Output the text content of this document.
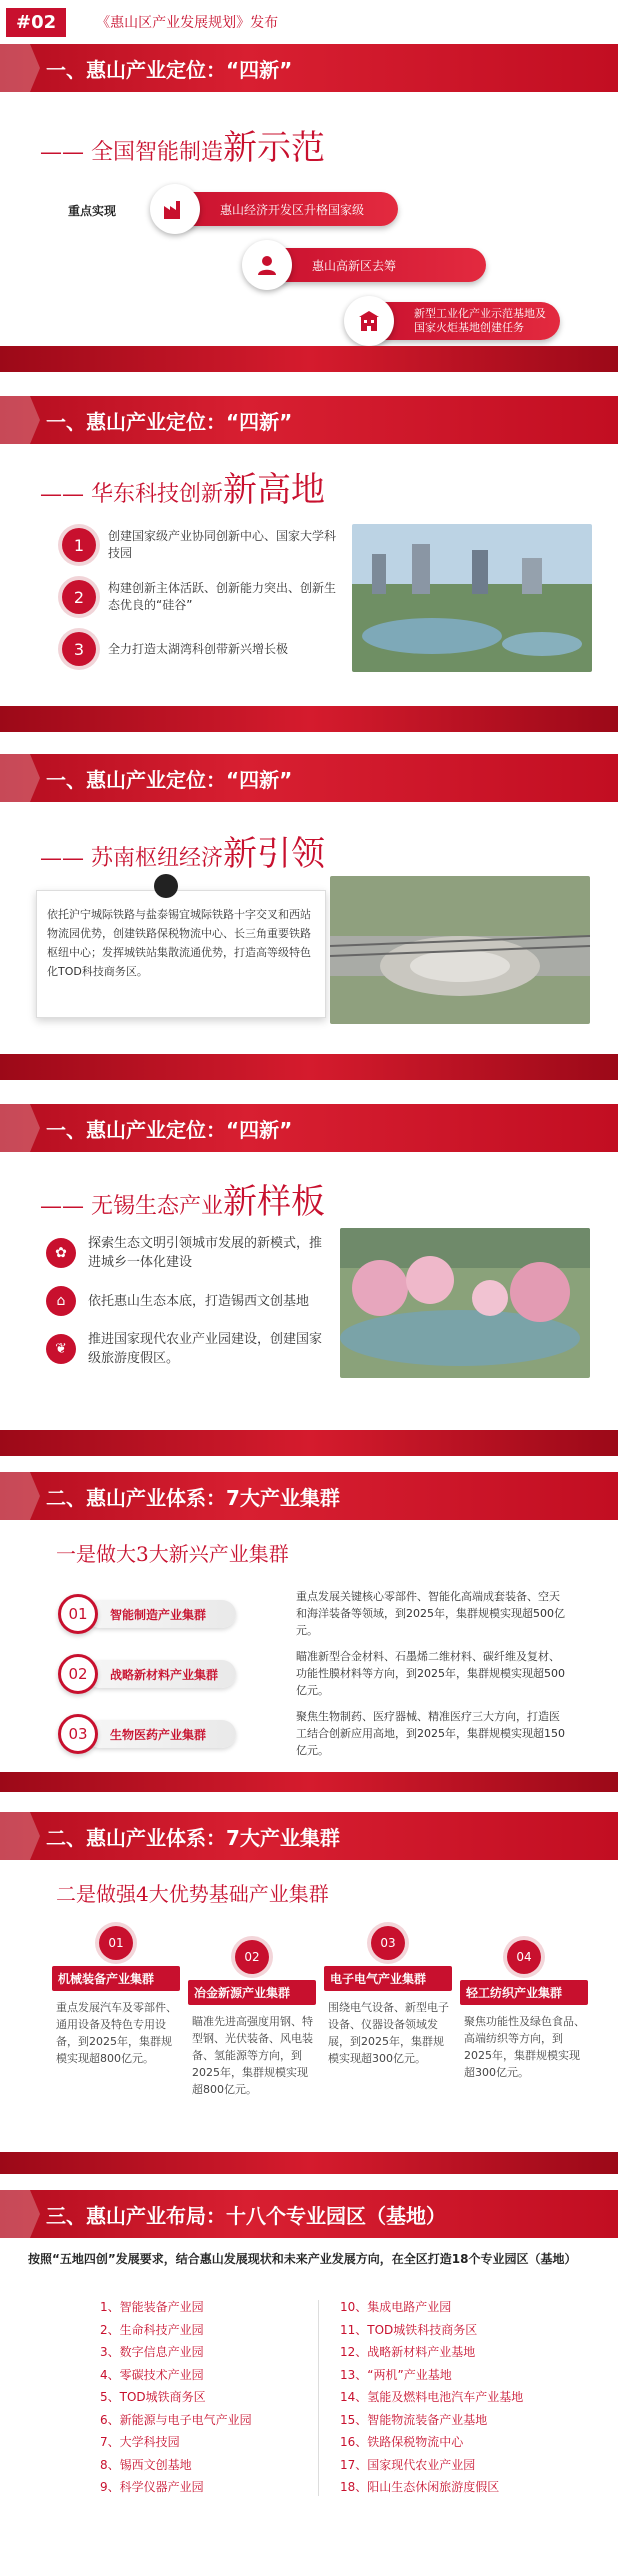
#02	《惠山区产业发展规划》发布
一、惠山产业定位：“四新”
—— 全国智能制造新示范
重点实现	惠山经济开发区升格国家级
惠山高新区去筹
新型工业化产业示范基地及国家火炬基地创建任务
一、惠山产业定位：“四新”
—— 华东科技创新新高地
1	创建国家级产业协同创新中心、国家大学科技园
2	构建创新主体活跃、创新能力突出、创新生态优良的“硅谷”
3	全力打造太湖湾科创带新兴增长极
一、惠山产业定位：“四新”
—— 苏南枢纽经济新引领
依托沪宁城际铁路与盐泰锡宜城际铁路十字交叉和西站物流园优势，创建铁路保税物流中心、长三角重要铁路枢纽中心；发挥城铁站集散流通优势，打造高等级特色化TOD科技商务区。
一、惠山产业定位：“四新”
—— 无锡生态产业新样板
✿
探索生态文明引领城市发展的新模式，推进城乡一体化建设
⌂	依托惠山生态本底，打造锡西文创基地
❦
推进国家现代农业产业园建设，创建国家级旅游度假区。
二、惠山产业体系：7大产业集群
一是做大3大新兴产业集群
01	智能制造产业集群
重点发展关键核心零部件、智能化高端成套装备、空天和海洋装备等领域，到2025年，集群规模实现超500亿元。
02	战略新材料产业集群
瞄准新型合金材料、石墨烯二维材料、碳纤维及复材、功能性膜材料等方向，到2025年，集群规模实现超500亿元。
03	生物医药产业集群
聚焦生物制药、医疗器械、精准医疗三大方向，打造医工结合创新应用高地，到2025年，集群规模实现超150亿元。
二、惠山产业体系：7大产业集群
二是做强4大优势基础产业集群
01
机械装备产业集群
重点发展汽车及零部件、通用设备及特色专用设备，到2025年，集群规模实现超800亿元。
02
冶金新源产业集群
瞄准先进高强度用钢、特型钢、光伏装备、风电装备、氢能源等方向，到2025年，集群规模实现超800亿元。
03
电子电气产业集群
围绕电气设备、新型电子设备、仪器设备领域发展，到2025年，集群规模实现超300亿元。
04
轻工纺织产业集群
聚焦功能性及绿色食品、高端纺织等方向，到2025年，集群规模实现超300亿元。
三、惠山产业布局：十八个专业园区（基地）
按照“五地四创”发展要求，结合惠山发展现状和未来产业发展方向，在全区打造18个专业园区（基地）
1、智能装备产业园
2、生命科技产业园
3、数字信息产业园
4、零碳技术产业园
5、TOD城铁商务区
6、新能源与电子电气产业园
7、大学科技园
8、锡西文创基地
9、科学仪器产业园
10、集成电路产业园
11、TOD城铁科技商务区
12、战略新材料产业基地
13、“两机”产业基地
14、氢能及燃料电池汽车产业基地
15、智能物流装备产业基地
16、铁路保税物流中心
17、国家现代农业产业园
18、阳山生态休闲旅游度假区
